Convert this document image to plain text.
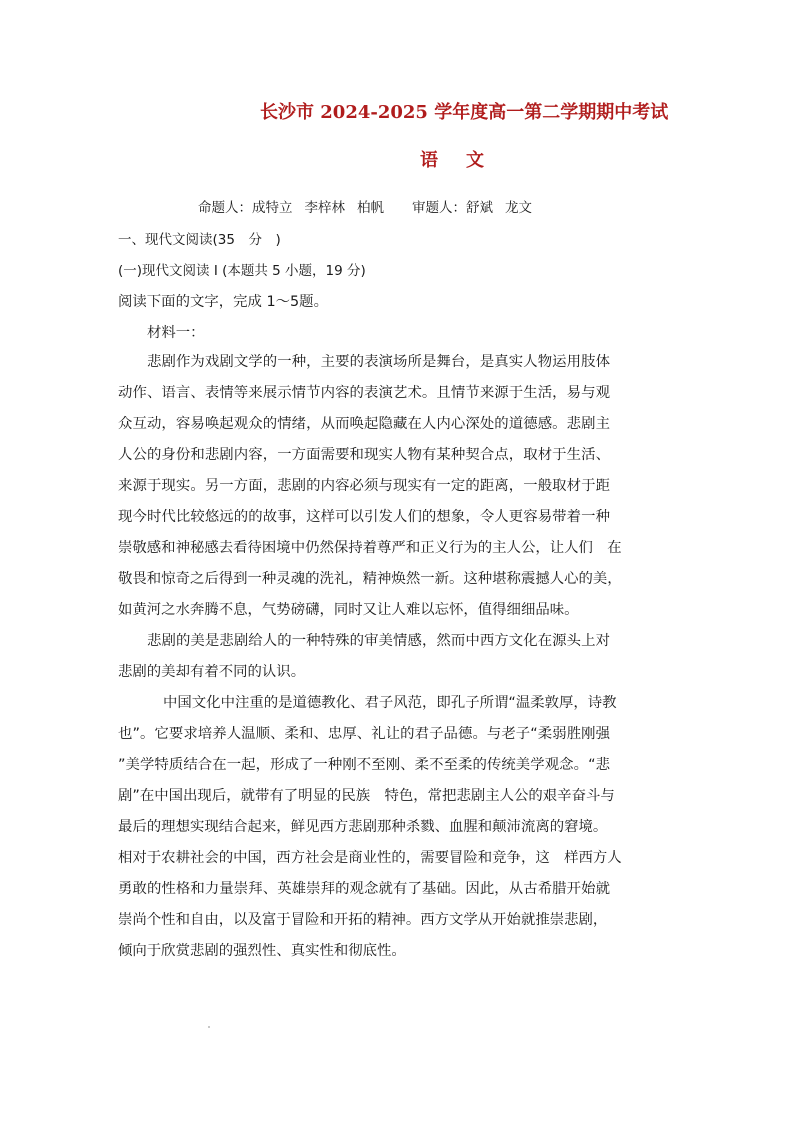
长沙市 2024-2025 学年度高一第二学期期中考试
语文
命题人：成特立 李梓林 柏帆 审题人：舒斌 龙文
一、现代文阅读(35　分　)
(一)现代文阅读 I (本题共 5 小题，19 分)
阅读下面的文字，完成 1～5题。
材料一：
悲剧作为戏剧文学的一种，主要的表演场所是舞台，是真实人物运用肢体
动作、语言、表情等来展示情节内容的表演艺术。且情节来源于生活，易与观
众互动，容易唤起观众的情绪，从而唤起隐藏在人内心深处的道德感。悲剧主
人公的身份和悲剧内容，一方面需要和现实人物有某种契合点，取材于生活、
来源于现实。另一方面，悲剧的内容必须与现实有一定的距离，一般取材于距
现今时代比较悠远的的故事，这样可以引发人们的想象，令人更容易带着一种
崇敬感和神秘感去看待困境中仍然保持着尊严和正义行为的主人公，让人们　在
敬畏和惊奇之后得到一种灵魂的洗礼，精神焕然一新。这种堪称震撼人心的美，
如黄河之水奔腾不息，气势磅礴，同时又让人难以忘怀，值得细细品味。
悲剧的美是悲剧给人的一种特殊的审美情感，然而中西方文化在源头上对
悲剧的美却有着不同的认识。
中国文化中注重的是道德教化、君子风范，即孔子所谓“温柔敦厚，诗教
也”。它要求培养人温顺、柔和、忠厚、礼让的君子品德。与老子“柔弱胜刚强
”美学特质结合在一起，形成了一种刚不至刚、柔不至柔的传统美学观念。“悲
剧”在中国出现后，就带有了明显的民族　特色，常把悲剧主人公的艰辛奋斗与
最后的理想实现结合起来，鲜见西方悲剧那种杀戮、血腥和颠沛流离的窘境。
相对于农耕社会的中国，西方社会是商业性的，需要冒险和竞争，这　样西方人
勇敢的性格和力量崇拜、英雄崇拜的观念就有了基础。因此，从古希腊开始就
崇尚个性和自由，以及富于冒险和开拓的精神。西方文学从开始就推崇悲剧，
倾向于欣赏悲剧的强烈性、真实性和彻底性。
